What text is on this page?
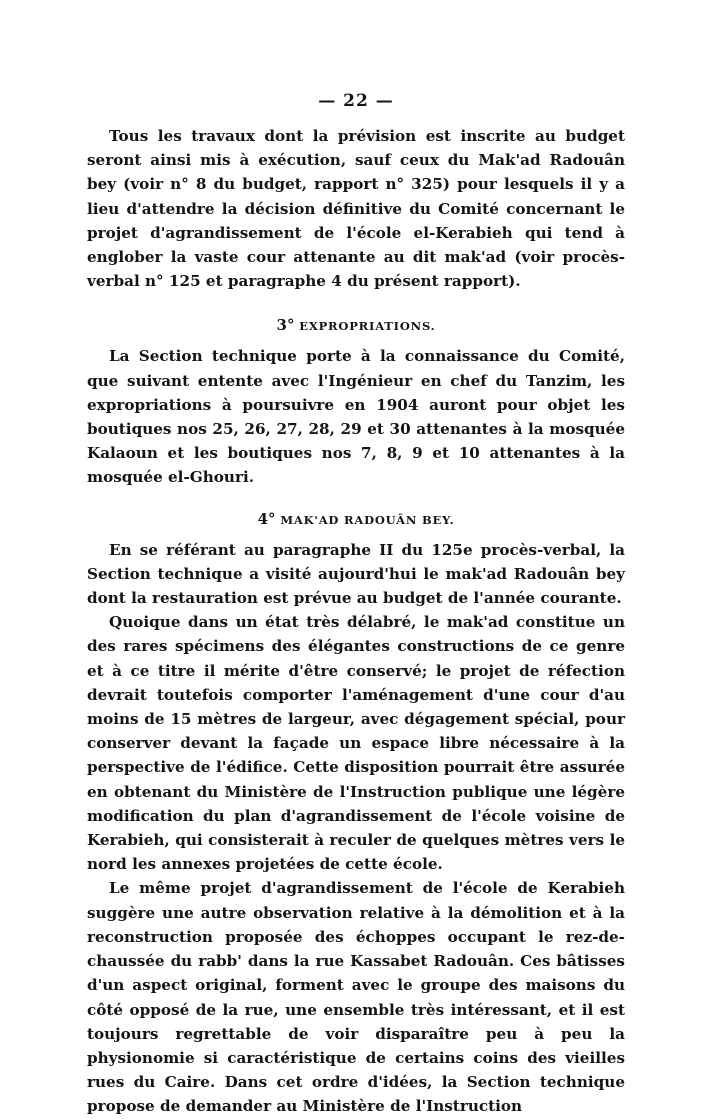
— 22 —

Tous les travaux dont la prévision est inscrite au budget seront ainsi mis à exécution, sauf ceux du Mak'ad Radouân bey (voir n° 8 du budget, rapport n° 325) pour lesquels il y a lieu d'attendre la décision définitive du Comité concernant le projet d'agrandissement de l'école el-Kerabieh qui tend à englober la vaste cour attenante au dit mak'ad (voir procès-verbal n° 125 et paragraphe 4 du présent rapport).

3° EXPROPRIATIONS.

La Section technique porte à la connaissance du Comité, que suivant entente avec l'Ingénieur en chef du Tanzim, les expropriations à poursuivre en 1904 auront pour objet les boutiques nos 25, 26, 27, 28, 29 et 30 attenantes à la mosquée Kalaoun et les boutiques nos 7, 8, 9 et 10 attenantes à la mosquée el-Ghouri.

4° MAK'AD RADOUÂN BEY.

En se référant au paragraphe II du 125e procès-verbal, la Section technique a visité aujourd'hui le mak'ad Radouân bey dont la restauration est prévue au budget de l'année courante.

Quoique dans un état très délabré, le mak'ad constitue un des rares spécimens des élégantes constructions de ce genre et à ce titre il mérite d'être conservé; le projet de réfection devrait toutefois comporter l'aménagement d'une cour d'au moins de 15 mètres de largeur, avec dégagement spécial, pour conserver devant la façade un espace libre nécessaire à la perspective de l'édifice. Cette disposition pourrait être assurée en obtenant du Ministère de l'Instruction publique une légère modification du plan d'agrandissement de l'école voisine de Kerabieh, qui consisterait à reculer de quelques mètres vers le nord les annexes projetées de cette école.

Le même projet d'agrandissement de l'école de Kerabieh suggère une autre observation relative à la démolition et à la reconstruction proposée des échoppes occupant le rez-de-chaussée du rabb' dans la rue Kassabet Radouân. Ces bâtisses d'un aspect original, forment avec le groupe des maisons du côté opposé de la rue, une ensemble très intéressant, et il est toujours regrettable de voir disparaître peu à peu la physionomie si caractéristique de certains coins des vieilles rues du Caire. Dans cet ordre d'idées, la Section technique propose de demander au Ministère de l'Instruction
